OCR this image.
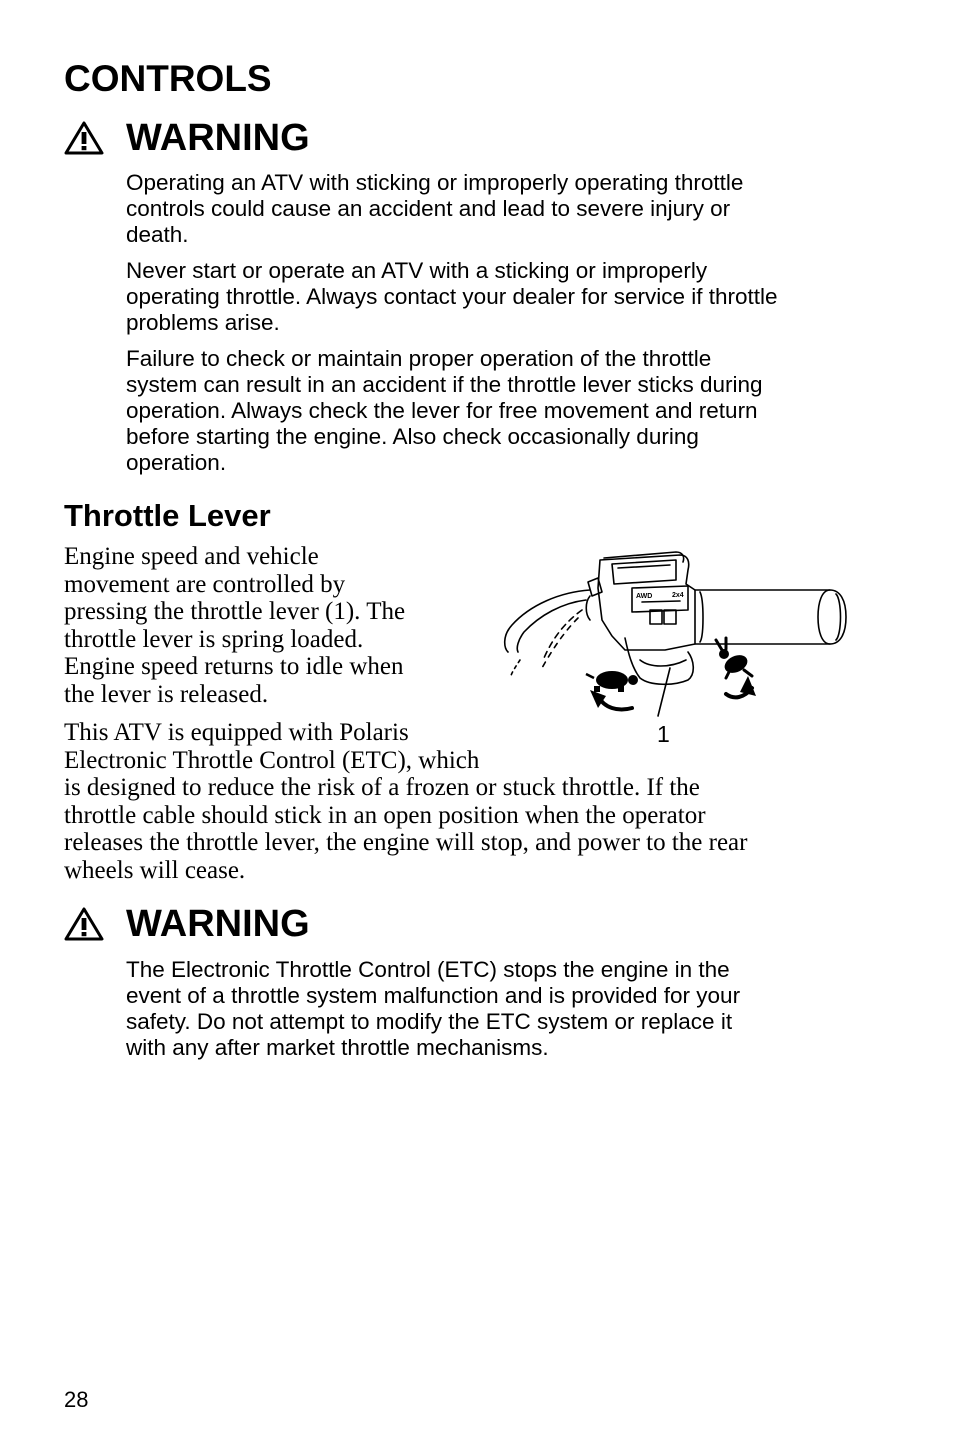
CONTROLS
WARNING
Operating an ATV with sticking or improperly operating throttle
controls could cause an accident and lead to severe injury or
death.
Never start or operate an ATV with a sticking or improperly
operating throttle. Always contact your dealer for service if throttle
problems arise.
Failure to check or maintain proper operation of the throttle
system can result in an accident if the throttle lever sticks during
operation. Always check the lever for free movement and return
before starting the engine. Also check occasionally during
operation.
Throttle Lever
Engine speed and vehicle
movement are controlled by
pressing the throttle lever (1). The
throttle lever is spring loaded.
Engine speed returns to idle when
the lever is released.
This ATV is equipped with Polaris
Electronic Throttle Control (ETC), which
is designed to reduce the risk of a frozen or stuck throttle. If the
throttle cable should stick in an open position when the operator
releases the throttle lever, the engine will stop, and power to the rear
wheels will cease.
AWD	2x4
1
WARNING
The Electronic Throttle Control (ETC) stops the engine in the
event of a throttle system malfunction and is provided for your
safety. Do not attempt to modify the ETC system or replace it
with any after market throttle mechanisms.
28
